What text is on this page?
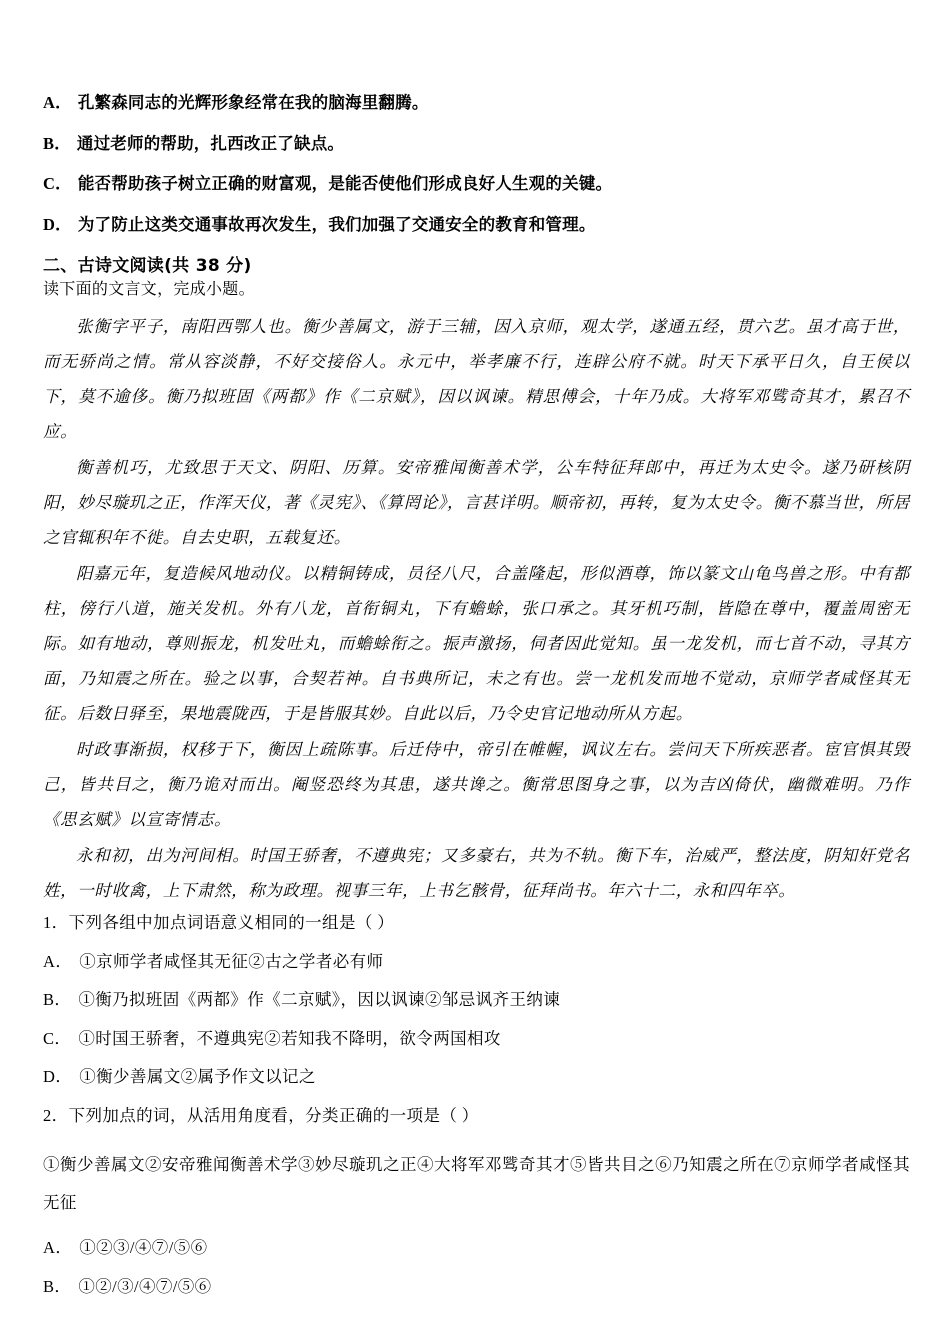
A． 孔繁森同志的光辉形象经常在我的脑海里翻腾。

B． 通过老师的帮助，扎西改正了缺点。

C． 能否帮助孩子树立正确的财富观，是能否使他们形成良好人生观的关键。

D． 为了防止这类交通事故再次发生，我们加强了交通安全的教育和管理。

二、古诗文阅读(共 38 分)

读下面的文言文，完成小题。

张衡字平子，南阳西鄂人也。衡少善属文，游于三辅，因入京师，观太学，遂通五经，贯六艺。虽才高于世，而无骄尚之情。常从容淡静，不好交接俗人。永元中，举孝廉不行，连辟公府不就。时天下承平日久，自王侯以下，莫不逾侈。衡乃拟班固《两都》作《二京赋》，因以讽谏。精思傅会，十年乃成。大将军邓骘奇其才，累召不应。

衡善机巧，尤致思于天文、阴阳、历算。安帝雅闻衡善术学，公车特征拜郎中，再迁为太史令。遂乃研核阴阳，妙尽璇玑之正，作浑天仪，著《灵宪》、《算罔论》，言甚详明。顺帝初，再转，复为太史令。衡不慕当世，所居之官辄积年不徙。自去史职，五载复还。

阳嘉元年，复造候风地动仪。以精铜铸成，员径八尺，合盖隆起，形似酒尊，饰以篆文山龟鸟兽之形。中有都柱，傍行八道，施关发机。外有八龙，首衔铜丸，下有蟾蜍，张口承之。其牙机巧制，皆隐在尊中，覆盖周密无际。如有地动，尊则振龙，机发吐丸，而蟾蜍衔之。振声激扬，伺者因此觉知。虽一龙发机，而七首不动，寻其方面，乃知震之所在。验之以事，合契若神。自书典所记，未之有也。尝一龙机发而地不觉动，京师学者咸怪其无征。后数日驿至，果地震陇西，于是皆服其妙。自此以后，乃令史官记地动所从方起。

时政事渐损，权移于下，衡因上疏陈事。后迁侍中，帝引在帷幄，讽议左右。尝问天下所疾恶者。宦官惧其毁己，皆共目之，衡乃诡对而出。阉竖恐终为其患，遂共谗之。衡常思图身之事，以为吉凶倚伏，幽微难明。乃作《思玄赋》以宣寄情志。

永和初，出为河间相。时国王骄奢，不遵典宪；又多豪右，共为不轨。衡下车，治威严，整法度，阴知奸党名姓，一时收禽，上下肃然，称为政理。视事三年，上书乞骸骨，征拜尚书。年六十二，永和四年卒。

1．下列各组中加点词语意义相同的一组是（ ）

A． ①京师学者咸怪其无征②古之学者必有师

B． ①衡乃拟班固《两都》作《二京赋》，因以讽谏②邹忌讽齐王纳谏

C． ①时国王骄奢，不遵典宪②若知我不降明，欲令两国相攻

D． ①衡少善属文②属予作文以记之

2．下列加点的词，从活用角度看，分类正确的一项是（ ）

①衡少善属文②安帝雅闻衡善术学③妙尽璇玑之正④大将军邓骘奇其才⑤皆共目之⑥乃知震之所在⑦京师学者咸怪其无征

A． ①②③/④⑦/⑤⑥

B． ①②/③/④⑦/⑤⑥
